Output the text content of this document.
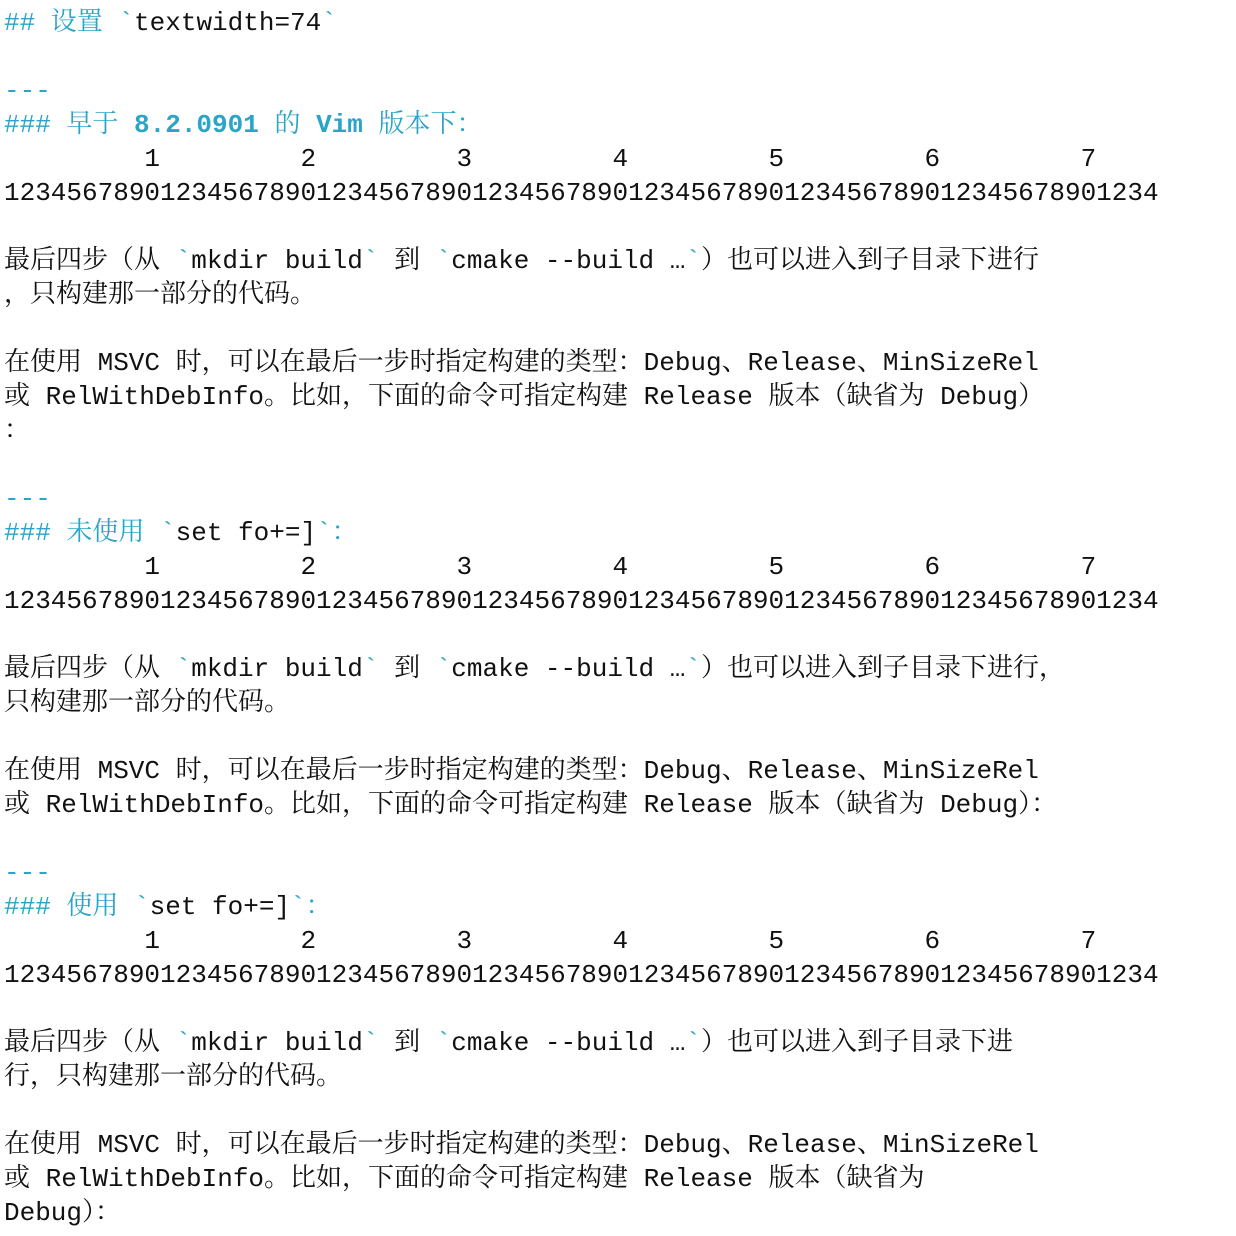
## 设置 `textwidth=74`
---
### 早于 8.2.0901 的 Vim 版本下：
1         2         3         4         5         6         7
12345678901234567890123456789012345678901234567890123456789012345678901234
最后四步（从 `mkdir build` 到 `cmake --build …`）也可以进入到子目录下进行
，只构建那一部分的代码。
在使用 MSVC 时，可以在最后一步时指定构建的类型：Debug、Release、MinSizeRel
或 RelWithDebInfo。比如，下面的命令可指定构建 Release 版本（缺省为 Debug）
：
---
### 未使用 `set fo+=]`：
1         2         3         4         5         6         7
12345678901234567890123456789012345678901234567890123456789012345678901234
最后四步（从 `mkdir build` 到 `cmake --build …`）也可以进入到子目录下进行，
只构建那一部分的代码。
在使用 MSVC 时，可以在最后一步时指定构建的类型：Debug、Release、MinSizeRel
或 RelWithDebInfo。比如，下面的命令可指定构建 Release 版本（缺省为 Debug）：
---
### 使用 `set fo+=]`：
1         2         3         4         5         6         7
12345678901234567890123456789012345678901234567890123456789012345678901234
最后四步（从 `mkdir build` 到 `cmake --build …`）也可以进入到子目录下进
行，只构建那一部分的代码。
在使用 MSVC 时，可以在最后一步时指定构建的类型：Debug、Release、MinSizeRel
或 RelWithDebInfo。比如，下面的命令可指定构建 Release 版本（缺省为
Debug）：
